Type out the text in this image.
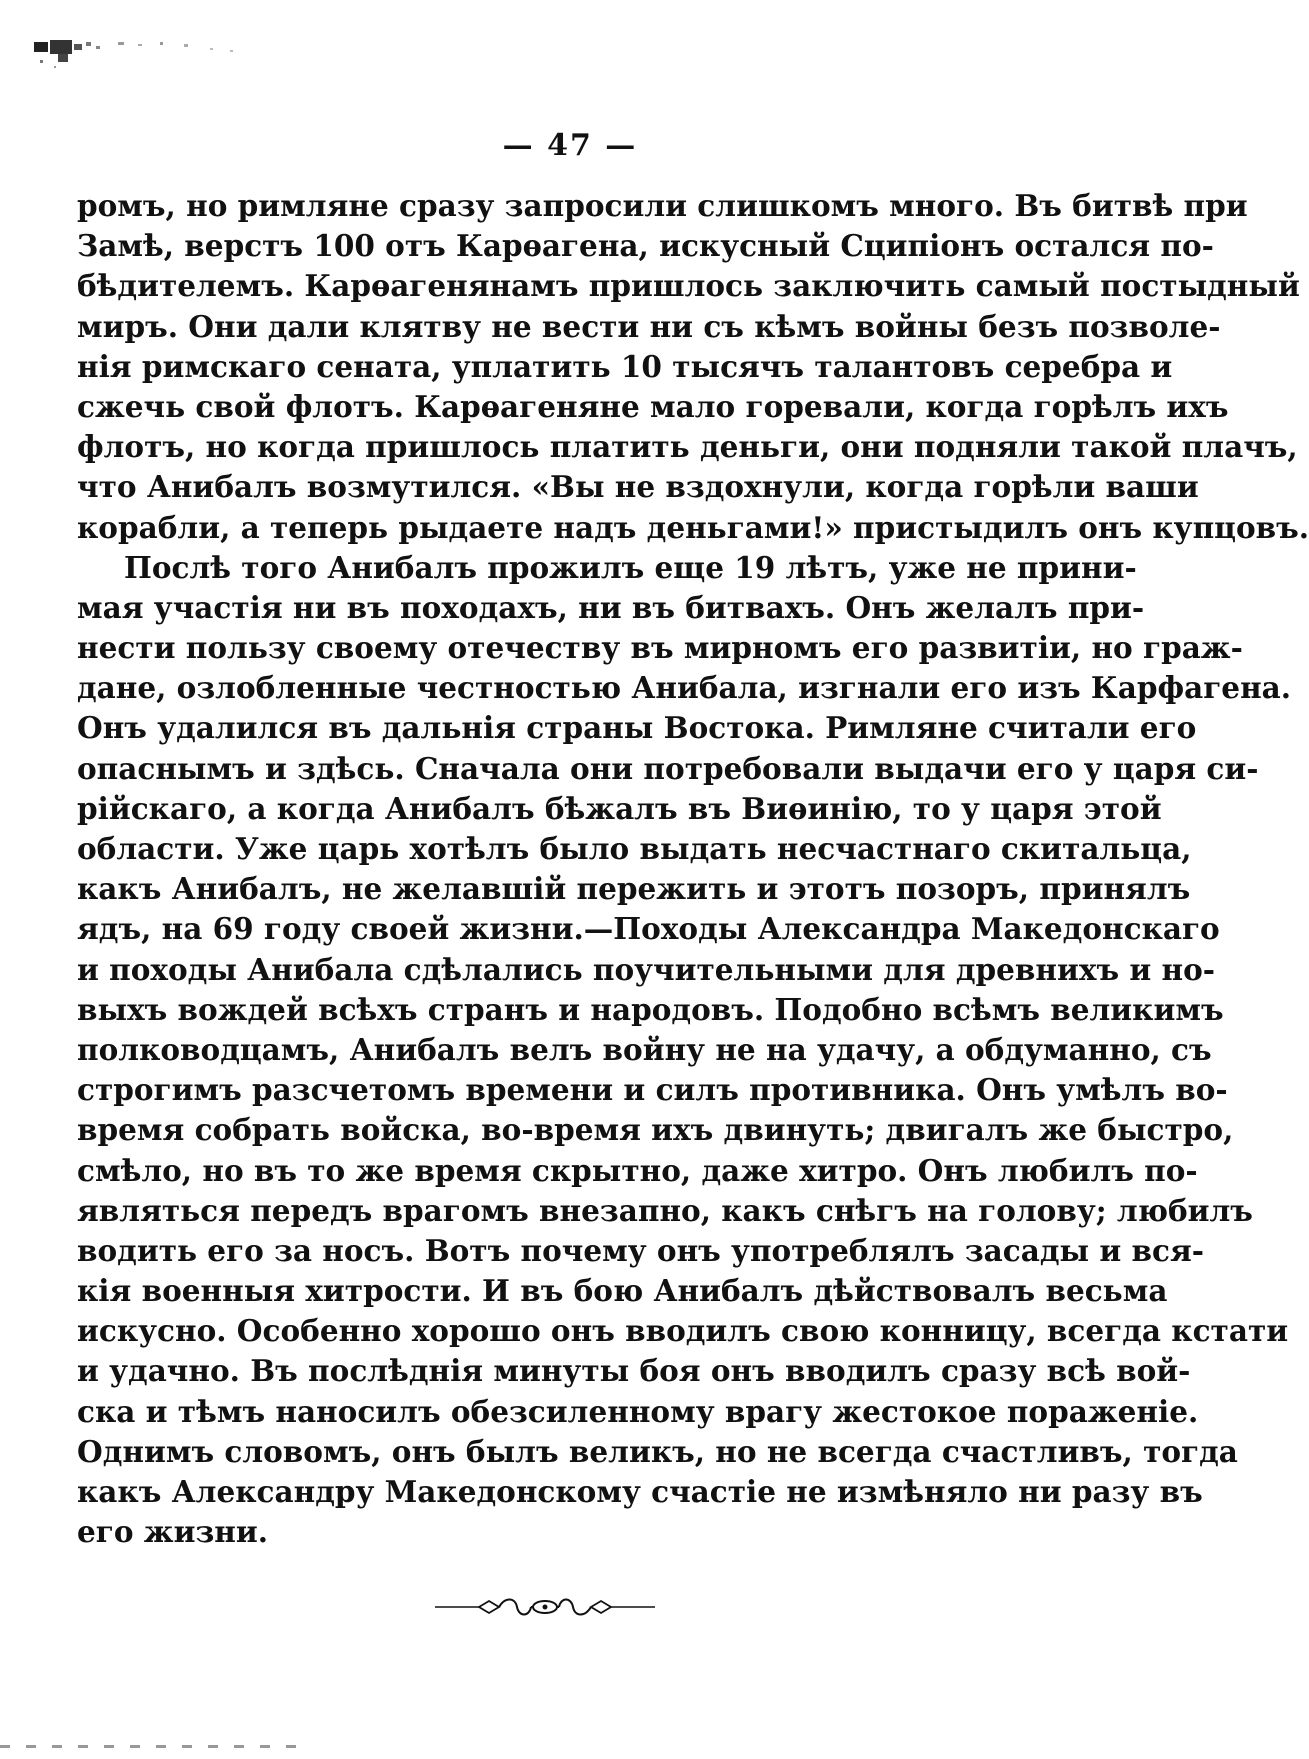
— 47 —
ромъ, но римляне сразу запросили слишкомъ много. Въ битвѣ при
Замѣ, верстъ 100 отъ Карѳагена, искусный Сципіонъ остался по-
бѣдителемъ. Карѳагенянамъ пришлось заключить самый постыдный
миръ. Они дали клятву не вести ни съ кѣмъ войны безъ позволе-
нія римскаго сената, уплатить 10 тысячъ талантовъ серебра и
сжечь свой флотъ. Карѳагеняне мало горевали, когда горѣлъ ихъ
флотъ, но когда пришлось платить деньги, они подняли такой плачъ,
что Анибалъ возмутился. «Вы не вздохнули, когда горѣли ваши
корабли, а теперь рыдаете надъ деньгами!» пристыдилъ онъ купцовъ.
Послѣ того Анибалъ прожилъ еще 19 лѣтъ, уже не прини-
мая участія ни въ походахъ, ни въ битвахъ. Онъ желалъ при-
нести пользу своему отечеству въ мирномъ его развитіи, но граж-
дане, озлобленные честностью Анибала, изгнали его изъ Карфагена.
Онъ удалился въ дальнія страны Востока. Римляне считали его
опаснымъ и здѣсь. Сначала они потребовали выдачи его у царя си-
рійскаго, а когда Анибалъ бѣжалъ въ Виѳинію, то у царя этой
области. Уже царь хотѣлъ было выдать несчастнаго скитальца,
какъ Анибалъ, не желавшій пережить и этотъ позоръ, принялъ
ядъ, на 69 году своей жизни.—Походы Александра Македонскаго
и походы Анибала сдѣлались поучительными для древнихъ и но-
выхъ вождей всѣхъ странъ и народовъ. Подобно всѣмъ великимъ
полководцамъ, Анибалъ велъ войну не на удачу, а обдуманно, съ
строгимъ разсчетомъ времени и силъ противника. Онъ умѣлъ во-
время собрать войска, во-время ихъ двинуть; двигалъ же быстро,
смѣло, но въ то же время скрытно, даже хитро. Онъ любилъ по-
являться передъ врагомъ внезапно, какъ снѣгъ на голову; любилъ
водить его за носъ. Вотъ почему онъ употреблялъ засады и вся-
кія военныя хитрости. И въ бою Анибалъ дѣйствовалъ весьма
искусно. Особенно хорошо онъ вводилъ свою конницу, всегда кстати
и удачно. Въ послѣднія минуты боя онъ вводилъ сразу всѣ вой-
ска и тѣмъ наносилъ обезсиленному врагу жестокое пораженіе.
Однимъ словомъ, онъ былъ великъ, но не всегда счастливъ, тогда
какъ Александру Македонскому счастіе не измѣняло ни разу въ
его жизни.
